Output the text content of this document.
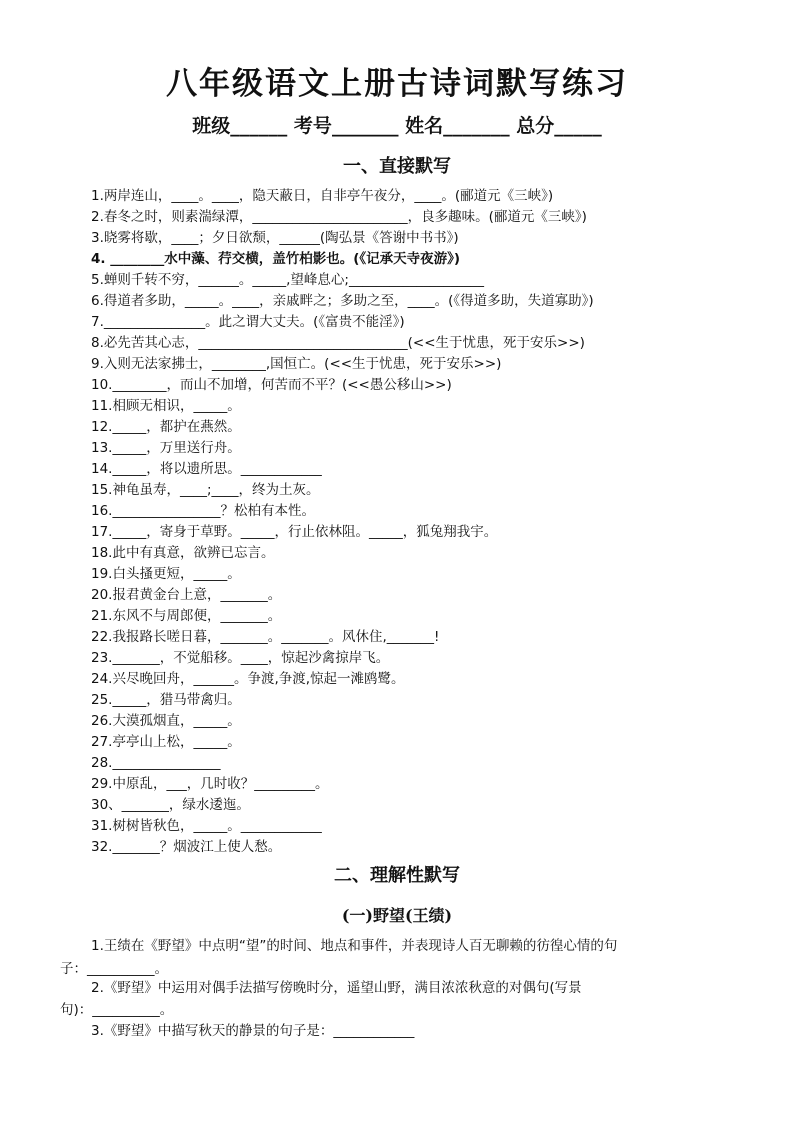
八年级语文上册古诗词默写练习
班级______ 考号_______ 姓名_______ 总分_____
一、直接默写
1.两岸连山，____。____，隐天蔽日，自非亭午夜分，____。(郦道元《三峡》)
2.春冬之时，则素湍绿潭，_______________________，良多趣味。(郦道元《三峡》)
3.晓雾将歇，____；夕日欲颓，______(陶弘景《答谢中书书》)
4. ________水中藻、荇交横，盖竹柏影也。(《记承天寺夜游》)
5.蝉则千转不穷，______。_____,望峰息心;____________________
6.得道者多助，_____。____，亲戚畔之；多助之至，____。(《得道多助，失道寡助》)
7._______________。此之谓大丈夫。(《富贵不能淫》)
8.必先苦其心志，_______________________________(<<生于忧患，死于安乐>>)
9.入则无法家拂士，________,国恒亡。(<<生于忧患，死于安乐>>)
10.________，而山不加增，何苦而不平？(<<愚公移山>>)
11.相顾无相识，_____。
12._____，都护在燕然。
13._____，万里送行舟。
14._____，将以遗所思。____________
15.神龟虽寿，____;____，终为土灰。
16.________________？松柏有本性。
17._____，寄身于草野。_____，行止依林阻。_____，狐兔翔我宇。
18.此中有真意，欲辨已忘言。
19.白头搔更短，_____。
20.报君黄金台上意，_______。
21.东风不与周郎便，_______。
22.我报路长嗟日暮，_______。_______。风休住,_______!
23._______，不觉船移。____，惊起沙禽掠岸飞。
24.兴尽晚回舟，______。争渡,争渡,惊起一滩鸥鹭。
25._____，猎马带禽归。
26.大漠孤烟直，_____。
27.亭亭山上松，_____。
28.________________
29.中原乱，___，几时收？_________。
30、_______，绿水逶迤。
31.树树皆秋色，_____。____________
32._______？烟波江上使人愁。
二、理解性默写
(一)野望(王绩)
1.王绩在《野望》中点明“望”的时间、地点和事件，并表现诗人百无聊赖的彷徨心情的句
子：__________。
2.《野望》中运用对偶手法描写傍晚时分，遥望山野，满目浓浓秋意的对偶句(写景
句)：__________。
3.《野望》中描写秋天的静景的句子是：____________
